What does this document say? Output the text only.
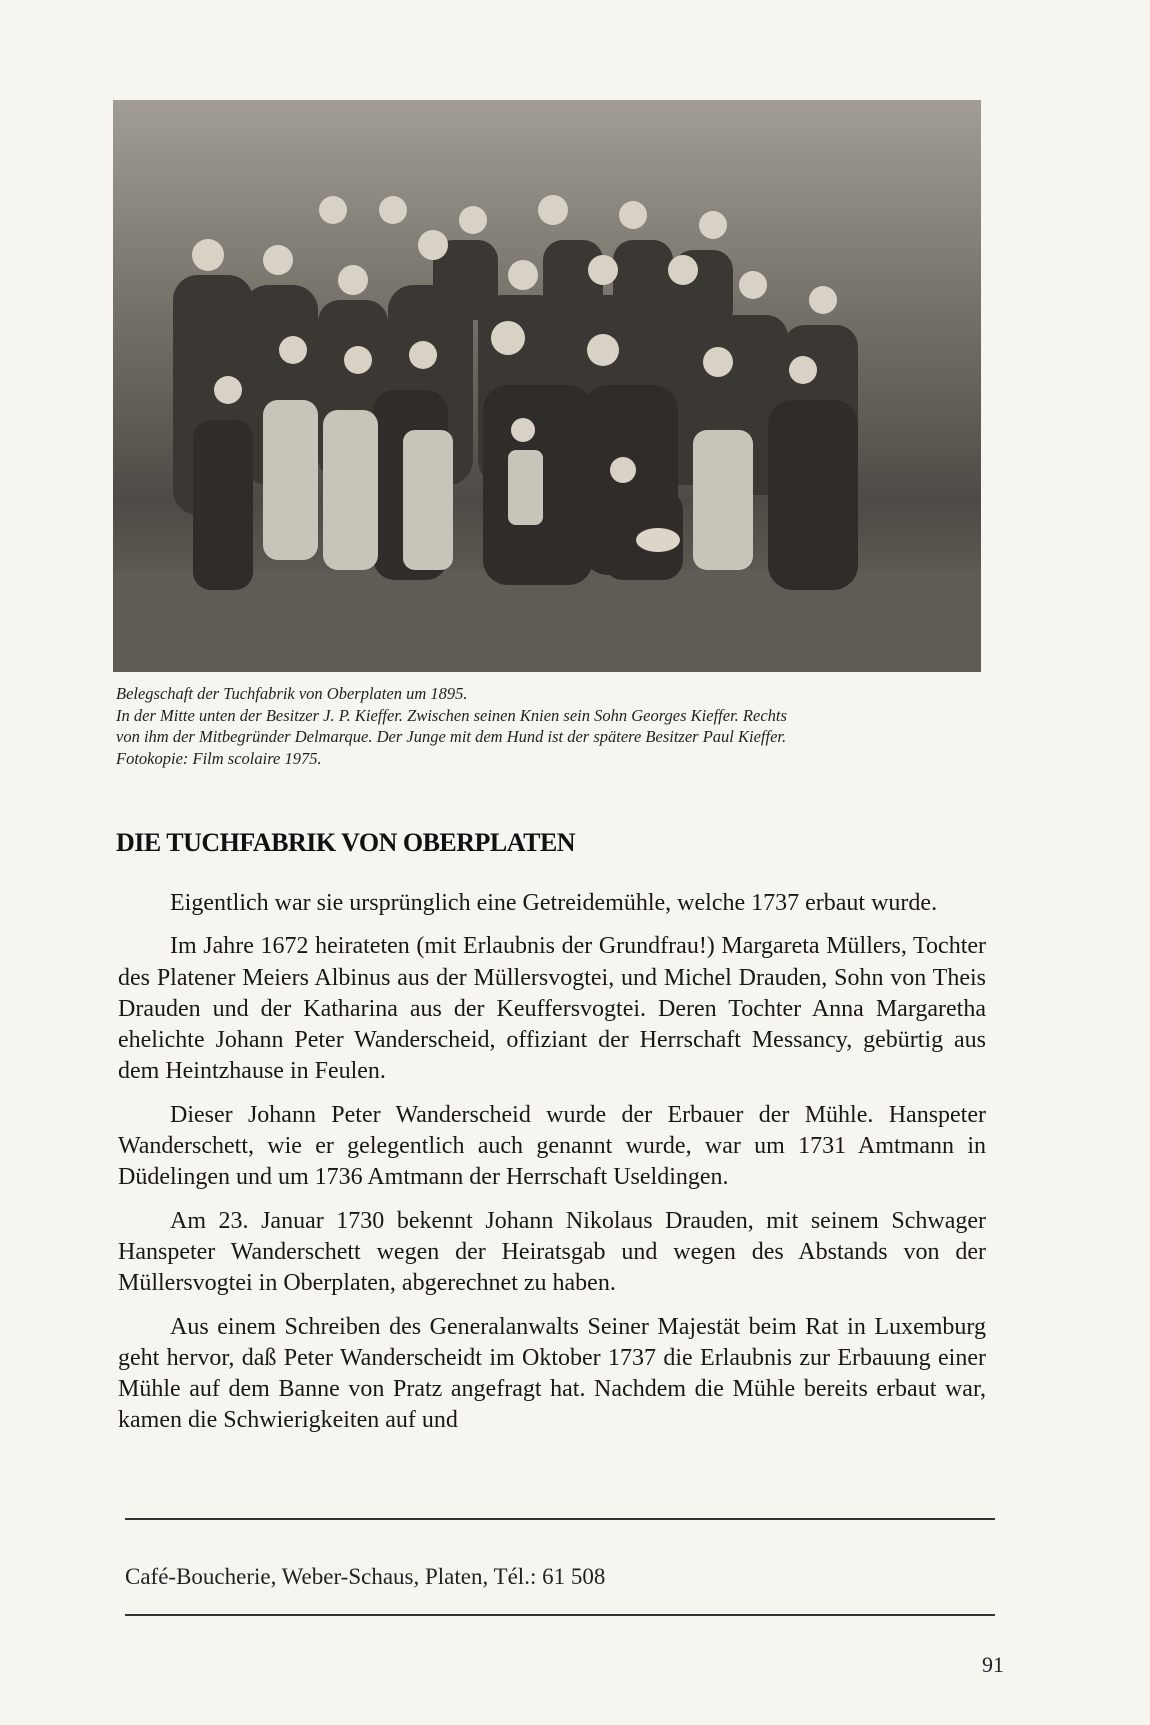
Belegschaft der Tuchfabrik von Oberplaten um 1895.
In der Mitte unten der Besitzer J. P. Kieffer. Zwischen seinen Knien sein Sohn Georges Kieffer. Rechts
von ihm der Mitbegründer Delmarque. Der Junge mit dem Hund ist der spätere Besitzer Paul Kieffer.
Fotokopie: Film scolaire 1975.
DIE TUCHFABRIK VON OBERPLATEN

Eigentlich war sie ursprünglich eine Getreidemühle, welche 1737 erbaut wurde.

Im Jahre 1672 heirateten (mit Erlaubnis der Grundfrau!) Margareta Müllers, Tochter des Platener Meiers Albinus aus der Müllersvogtei, und Michel Drauden, Sohn von Theis Drauden und der Katharina aus der Keuffersvogtei. Deren Tochter Anna Margaretha ehelichte Johann Peter Wanderscheid, offiziant der Herrschaft Messancy, gebürtig aus dem Heintzhause in Feulen.

Dieser Johann Peter Wanderscheid wurde der Erbauer der Mühle. Hanspeter Wanderschett, wie er gelegentlich auch genannt wurde, war um 1731 Amtmann in Düdelingen und um 1736 Amtmann der Herrschaft Useldingen.

Am 23. Januar 1730 bekennt Johann Nikolaus Drauden, mit seinem Schwager Hanspeter Wanderschett wegen der Heiratsgab und wegen des Abstands von der Müllersvogtei in Oberplaten, abgerechnet zu haben.

Aus einem Schreiben des Generalanwalts Seiner Majestät beim Rat in Luxemburg geht hervor, daß Peter Wanderscheidt im Oktober 1737 die Erlaubnis zur Erbauung einer Mühle auf dem Banne von Pratz angefragt hat. Nachdem die Mühle bereits erbaut war, kamen die Schwierigkeiten auf und

Café-Boucherie, Weber-Schaus, Platen, Tél.: 61 508
91
